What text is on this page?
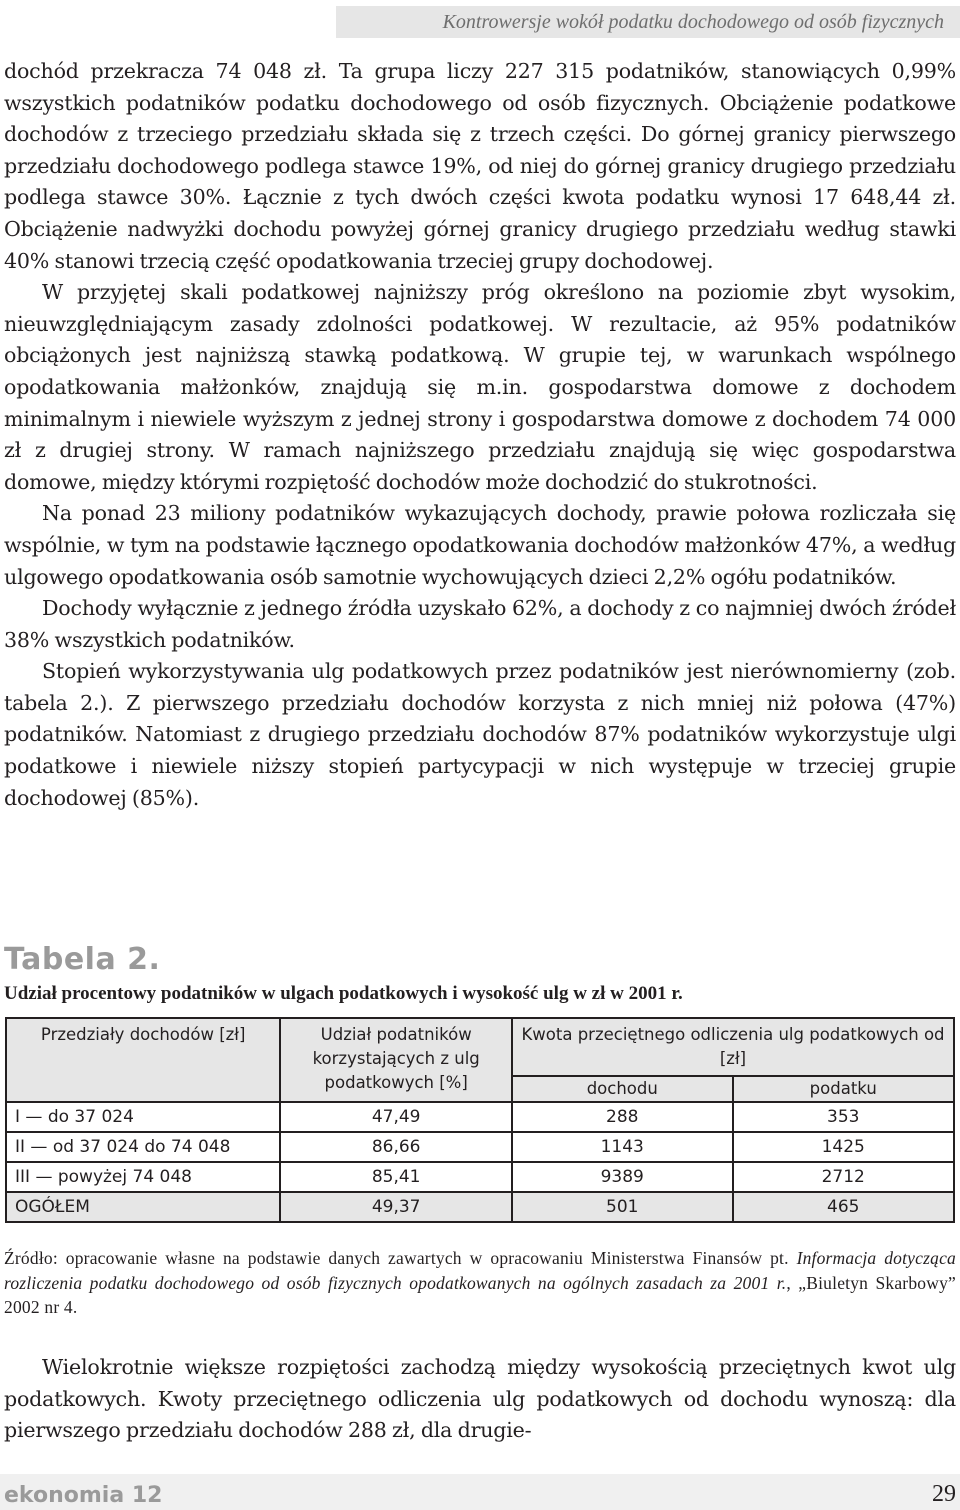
Kontrowersje wokół podatku dochodowego od osób fizycznych

dochód przekracza 74 048 zł. Ta grupa liczy 227 315 podatników, stanowiących 0,99% wszystkich podatników podatku dochodowego od osób fizycznych. Obciążenie podatkowe dochodów z trzeciego przedziału składa się z trzech części. Do górnej granicy pierwszego przedziału dochodowego podlega stawce 19%, od niej do górnej granicy drugiego przedziału podlega stawce 30%. Łącznie z tych dwóch części kwota podatku wynosi 17 648,44 zł. Obciążenie nadwyżki dochodu powyżej górnej granicy drugiego przedziału według stawki 40% stanowi trzecią część opodatkowania trzeciej grupy dochodowej.

W przyjętej skali podatkowej najniższy próg określono na poziomie zbyt wysokim, nieuwzględniającym zasady zdolności podatkowej. W rezultacie, aż 95% podatników obciążonych jest najniższą stawką podatkową. W grupie tej, w warunkach wspólnego opodatkowania małżonków, znajdują się m.in. gospodarstwa domowe z dochodem minimalnym i niewiele wyższym z jednej strony i gospodarstwa domowe z dochodem 74 000 zł z drugiej strony. W ramach najniższego przedziału znajdują się więc gospodarstwa domowe, między którymi rozpiętość dochodów może dochodzić do stukrotności.

Na ponad 23 miliony podatników wykazujących dochody, prawie połowa rozliczała się wspólnie, w tym na podstawie łącznego opodatkowania dochodów małżonków 47%, a według ulgowego opodatkowania osób samotnie wychowujących dzieci 2,2% ogółu podatników.

Dochody wyłącznie z jednego źródła uzyskało 62%, a dochody z co najmniej dwóch źródeł 38% wszystkich podatników.

Stopień wykorzystywania ulg podatkowych przez podatników jest nierównomierny (zob. tabela 2.). Z pierwszego przedziału dochodów korzysta z nich mniej niż połowa (47%) podatników. Natomiast z drugiego przedziału dochodów 87% podatników wykorzystuje ulgi podatkowe i niewiele niższy stopień partycypacji w nich występuje w trzeciej grupie dochodowej (85%).

Tabela 2.
Udział procentowy podatników w ulgach podatkowych i wysokość ulg w zł w 2001 r.
Przedziały dochodów [zł]	Udział podatników korzystających z ulg podatkowych [%]	Kwota przeciętnego odliczenia ulg podatkowych od [zł]	
		dochodu	podatku
I — do 37 024	47,49	288	353
II — od 37 024 do 74 048	86,66	1143	1425
III — powyżej 74 048	85,41	9389	2712
OGÓŁEM	49,37	501	465
Źródło: opracowanie własne na podstawie danych zawartych w opracowaniu Ministerstwa Finansów pt. Informacja dotycząca rozliczenia podatku dochodowego od osób fizycznych opodatkowanych na ogólnych zasadach za 2001 r., „Biuletyn Skarbowy” 2002 nr 4.

Wielokrotnie większe rozpiętości zachodzą między wysokością przeciętnych kwot ulg podatkowych. Kwoty przeciętnego odliczenia ulg podatkowych od dochodu wynoszą: dla pierwszego przedziału dochodów 288 zł, dla drugie-

ekonomia 12	29
